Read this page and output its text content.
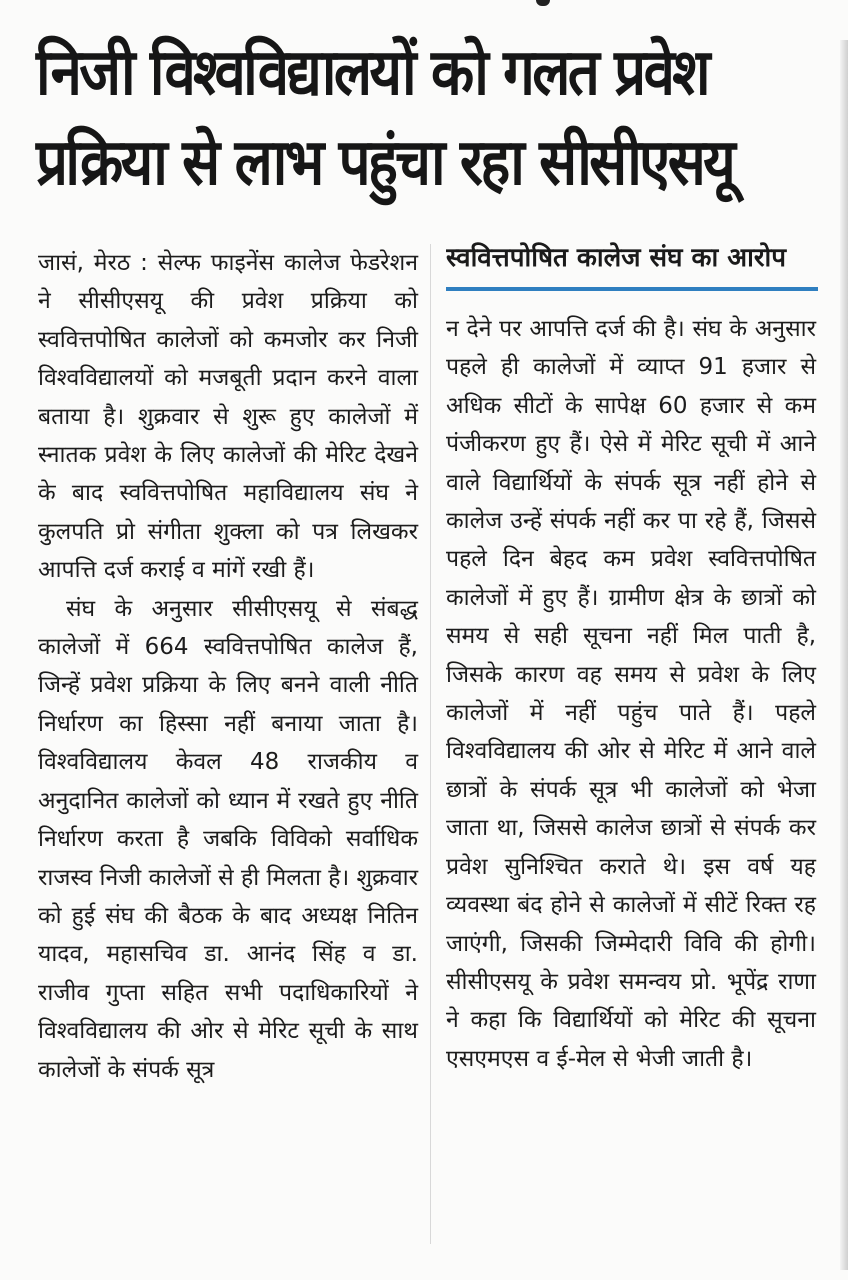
निजी विश्वविद्यालयों को गलत प्रवेश
प्रक्रिया से लाभ पहुंचा रहा सीसीएसयू

जासं, मेरठ : सेल्फ फाइनेंस कालेज फेडरेशन ने सीसीएसयू की प्रवेश प्रक्रिया को स्ववित्तपोषित कालेजों को कमजोर कर निजी विश्वविद्यालयों को मजबूती प्रदान करने वाला बताया है। शुक्रवार से शुरू हुए कालेजों में स्नातक प्रवेश के लिए कालेजों की मेरिट देखने के बाद स्ववित्तपोषित महाविद्यालय संघ ने कुलपति प्रो संगीता शुक्ला को पत्र लिखकर आपत्ति दर्ज कराई व मांगें रखी हैं।

संघ के अनुसार सीसीएसयू से संबद्ध कालेजों में 664 स्ववित्तपोषित कालेज हैं, जिन्हें प्रवेश प्रक्रिया के लिए बनने वाली नीति निर्धारण का हिस्सा नहीं बनाया जाता है। विश्वविद्यालय केवल 48 राजकीय व अनुदानित कालेजों को ध्यान में रखते हुए नीति निर्धारण करता है जबकि विविको सर्वाधिक राजस्व निजी कालेजों से ही मिलता है। शुक्रवार को हुई संघ की बैठक के बाद अध्यक्ष नितिन यादव, महासचिव डा. आनंद सिंह व डा. राजीव गुप्ता सहित सभी पदाधिकारियों ने विश्वविद्यालय की ओर से मेरिट सूची के साथ कालेजों के संपर्क सूत्र

स्ववित्तपोषित कालेज संघ का आरोप

न देने पर आपत्ति दर्ज की है। संघ के अनुसार पहले ही कालेजों में व्याप्त 91 हजार से अधिक सीटों के सापेक्ष 60 हजार से कम पंजीकरण हुए हैं। ऐसे में मेरिट सूची में आने वाले विद्यार्थियों के संपर्क सूत्र नहीं होने से कालेज उन्हें संपर्क नहीं कर पा रहे हैं, जिससे पहले दिन बेहद कम प्रवेश स्ववित्तपोषित कालेजों में हुए हैं। ग्रामीण क्षेत्र के छात्रों को समय से सही सूचना नहीं मिल पाती है, जिसके कारण वह समय से प्रवेश के लिए कालेजों में नहीं पहुंच पाते हैं। पहले विश्वविद्यालय की ओर से मेरिट में आने वाले छात्रों के संपर्क सूत्र भी कालेजों को भेजा जाता था, जिससे कालेज छात्रों से संपर्क कर प्रवेश सुनिश्चित कराते थे। इस वर्ष यह व्यवस्था बंद होने से कालेजों में सीटें रिक्त रह जाएंगी, जिसकी जिम्मेदारी विवि की होगी। सीसीएसयू के प्रवेश समन्वय प्रो. भूपेंद्र राणा ने कहा कि विद्यार्थियों को मेरिट की सूचना एसएमएस व ई-मेल से भेजी जाती है।
